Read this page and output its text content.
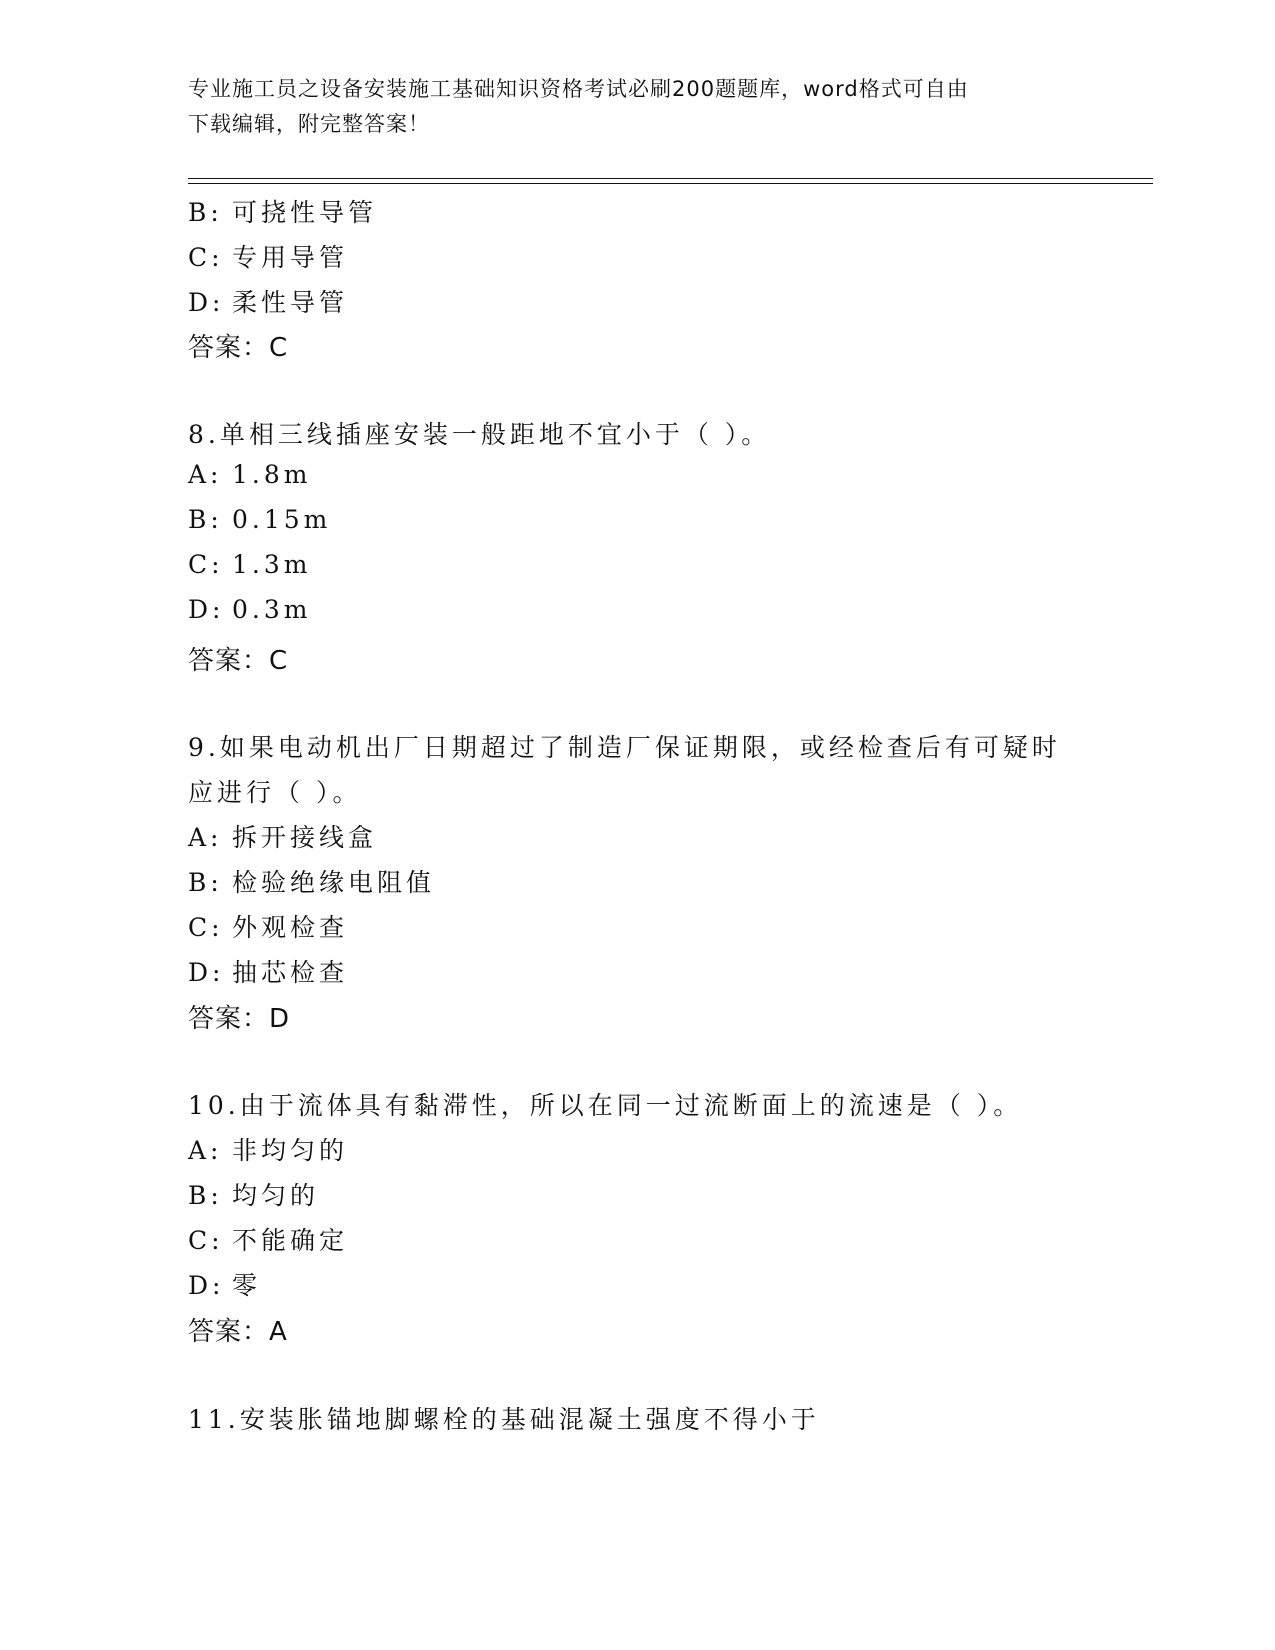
专业施工员之设备安装施工基础知识资格考试必刷200题题库，word格式可自由
下载编辑，附完整答案！
B: 可挠性导管
C: 专用导管
D: 柔性导管
答案：C
8.单相三线插座安装一般距地不宜小于（ ）。
A: 1.8m
B: 0.15m
C: 1.3m
D: 0.3m
答案：C
9.如果电动机出厂日期超过了制造厂保证期限，或经检查后有可疑时
应进行（ ）。
A: 拆开接线盒
B: 检验绝缘电阻值
C: 外观检查
D: 抽芯检查
答案：D
10.由于流体具有黏滞性，所以在同一过流断面上的流速是（ ）。
A: 非均匀的
B: 均匀的
C: 不能确定
D: 零
答案：A
11.安装胀锚地脚螺栓的基础混凝土强度不得小于
